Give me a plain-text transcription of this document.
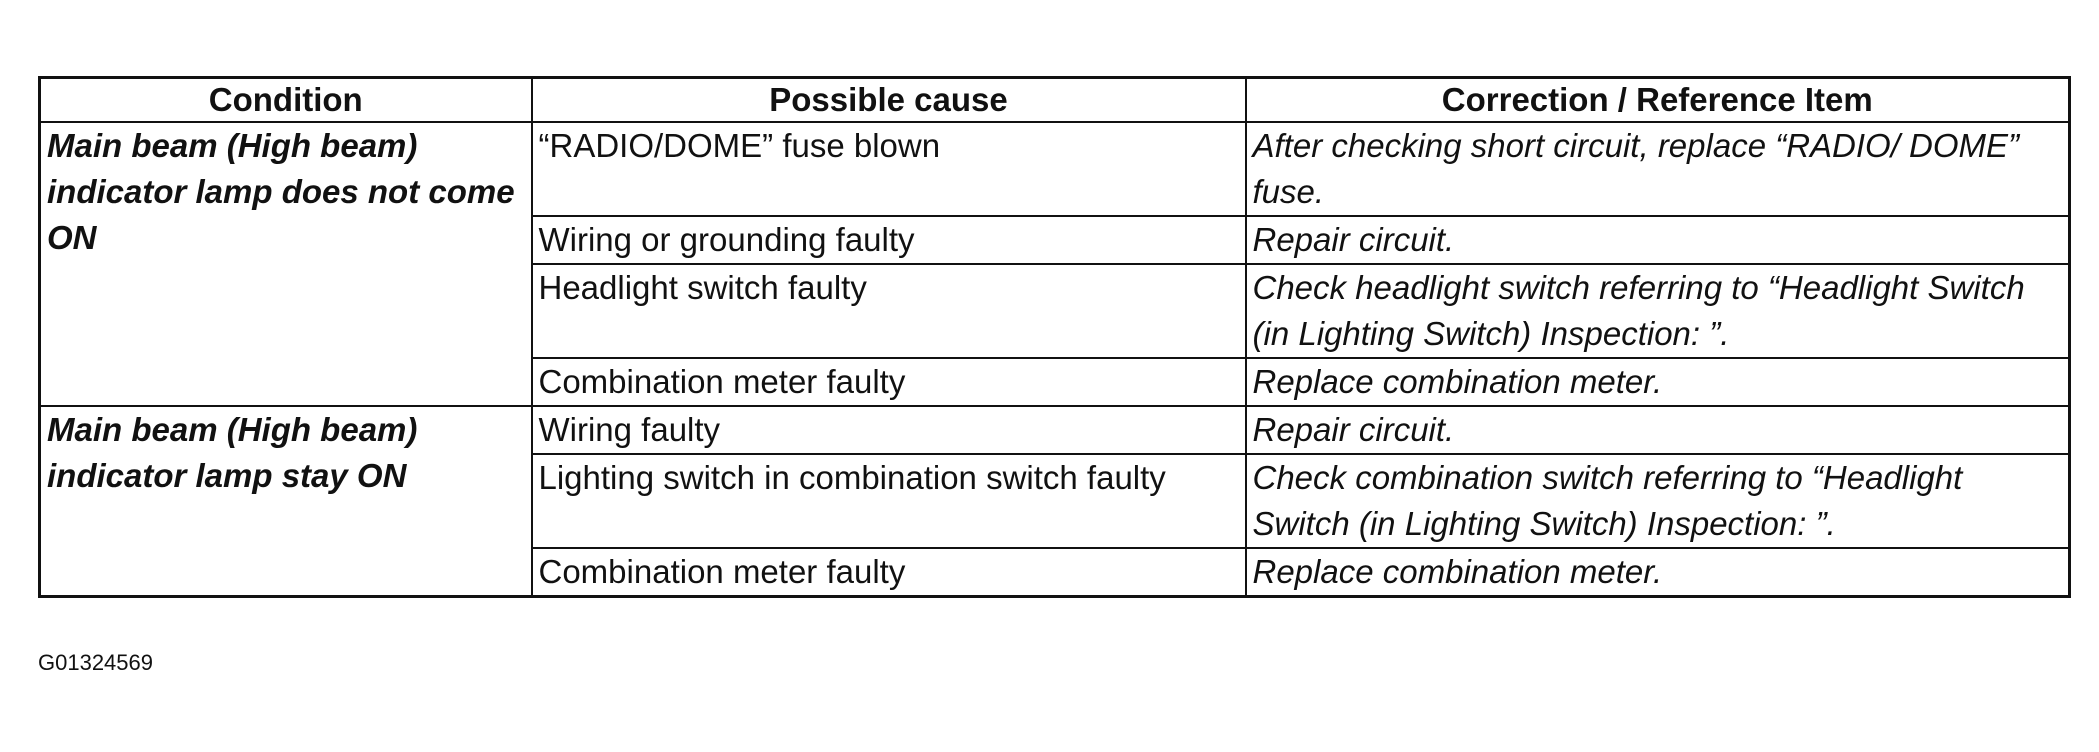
Condition	Possible cause	Correction / Reference Item
Main beam (High beam) indicator lamp does not come ON	“RADIO/DOME” fuse blown	After checking short circuit, replace “RADIO/ DOME” fuse.
	Wiring or grounding faulty	Repair circuit.
	Headlight switch faulty	Check headlight switch referring to “Headlight Switch (in Lighting Switch) Inspection: ”.
	Combination meter faulty	Replace combination meter.
Main beam (High beam) indicator lamp stay ON	Wiring faulty	Repair circuit.
	Lighting switch in combination switch faulty	Check combination switch referring to “Headlight Switch (in Lighting Switch) Inspection: ”.
	Combination meter faulty	Replace combination meter.
G01324569
